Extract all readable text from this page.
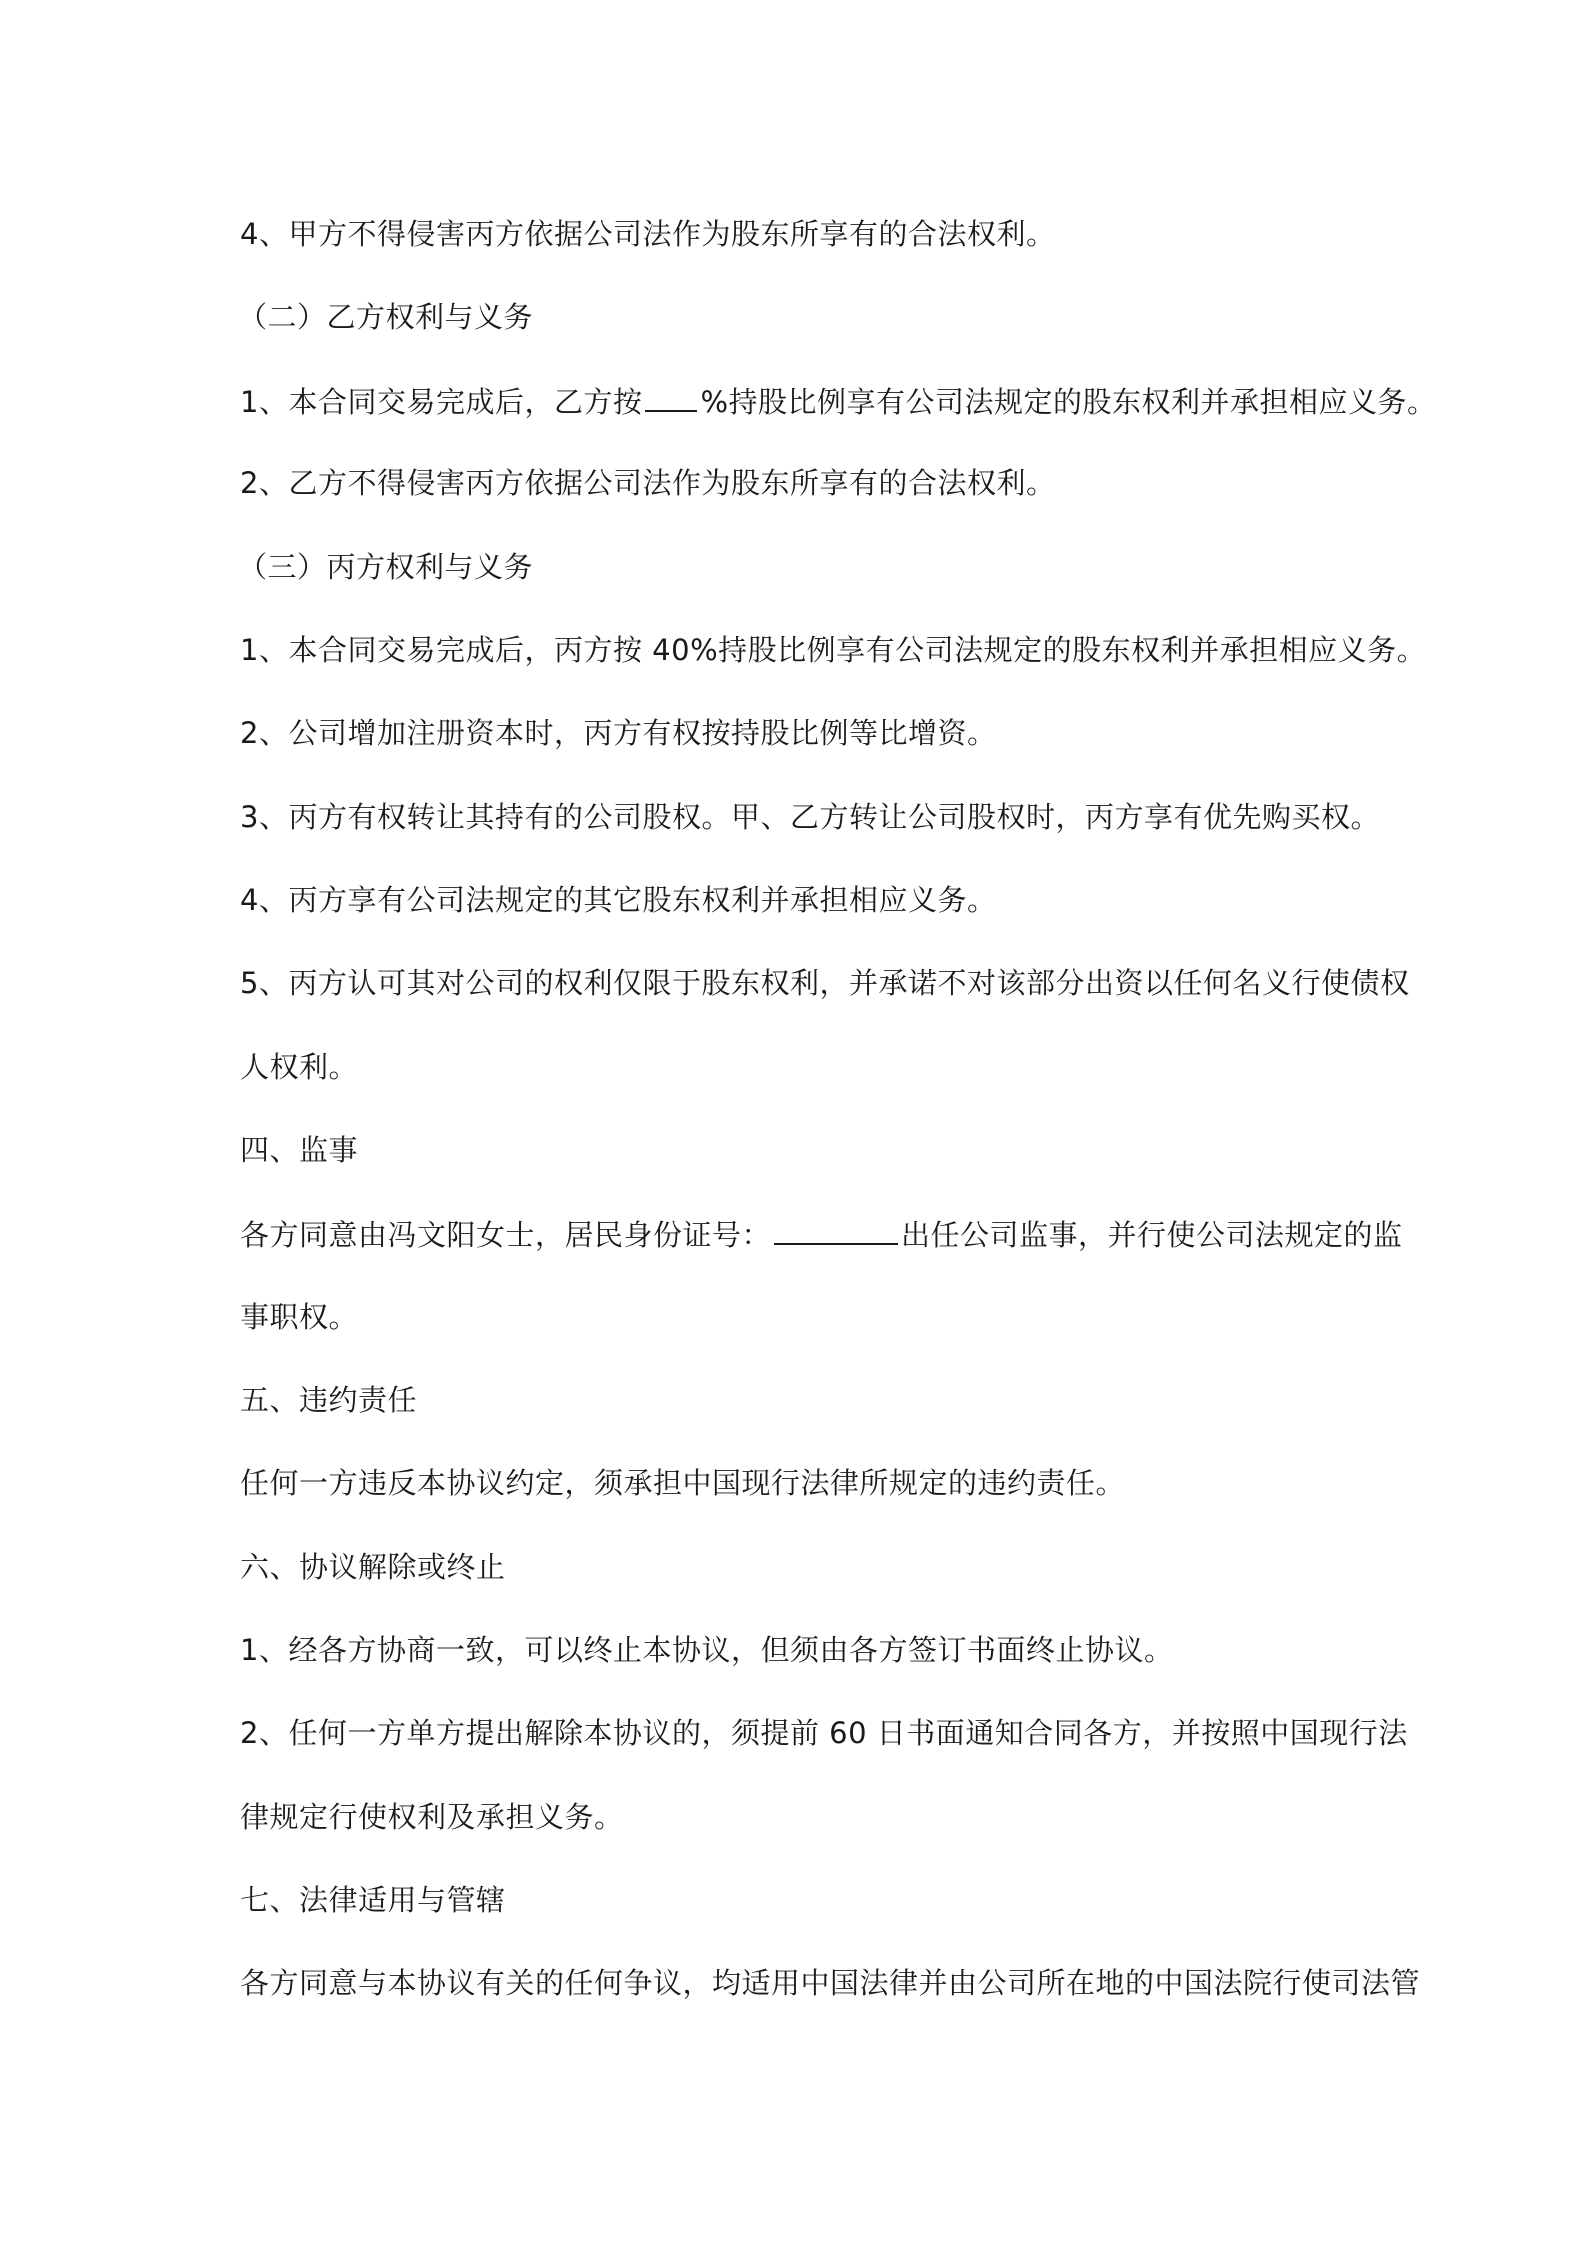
4、甲方不得侵害丙方依据公司法作为股东所享有的合法权利。
（二）乙方权利与义务
1、本合同交易完成后，乙方按 %持股比例享有公司法规定的股东权利并承担相应义务。
2、乙方不得侵害丙方依据公司法作为股东所享有的合法权利。
（三）丙方权利与义务
1、本合同交易完成后，丙方按 40%持股比例享有公司法规定的股东权利并承担相应义务。
2、公司增加注册资本时，丙方有权按持股比例等比增资。
3、丙方有权转让其持有的公司股权。甲、乙方转让公司股权时，丙方享有优先购买权。
4、丙方享有公司法规定的其它股东权利并承担相应义务。
5、丙方认可其对公司的权利仅限于股东权利，并承诺不对该部分出资以任何名义行使债权
人权利。
四、监事
各方同意由冯文阳女士，居民身份证号：	出任公司监事，并行使公司法规定的监
事职权。
五、违约责任
任何一方违反本协议约定，须承担中国现行法律所规定的违约责任。
六、协议解除或终止
1、经各方协商一致，可以终止本协议，但须由各方签订书面终止协议。
2、任何一方单方提出解除本协议的，须提前 60 日书面通知合同各方，并按照中国现行法
律规定行使权利及承担义务。
七、法律适用与管辖
各方同意与本协议有关的任何争议，均适用中国法律并由公司所在地的中国法院行使司法管
